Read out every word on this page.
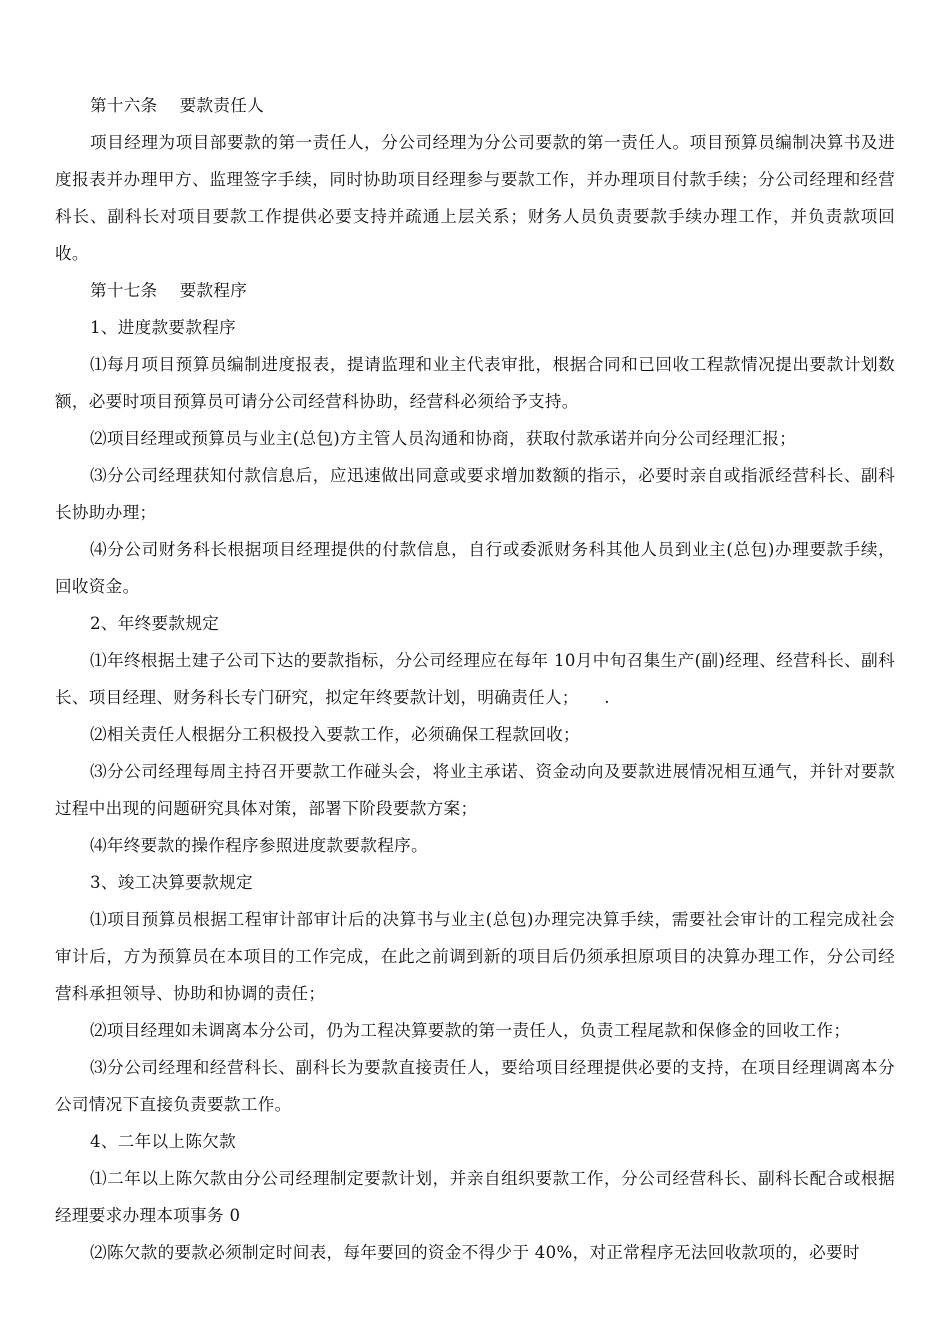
第十六条 要款责任人

项目经理为项目部要款的第一责任人，分公司经理为分公司要款的第一责任人。项目预算员编制决算书及进度报表并办理甲方、监理签字手续，同时协助项目经理参与要款工作，并办理项目付款手续；分公司经理和经营科长、副科长对项目要款工作提供必要支持并疏通上层关系；财务人员负责要款手续办理工作，并负责款项回收。

第十七条 要款程序

1、进度款要款程序

⑴每月项目预算员编制进度报表，提请监理和业主代表审批，根据合同和已回收工程款情况提出要款计划数额，必要时项目预算员可请分公司经营科协助，经营科必须给予支持。

⑵项目经理或预算员与业主(总包)方主管人员沟通和协商，获取付款承诺并向分公司经理汇报；

⑶分公司经理获知付款信息后，应迅速做出同意或要求增加数额的指示，必要时亲自或指派经营科长、副科长协助办理；

⑷分公司财务科长根据项目经理提供的付款信息，自行或委派财务科其他人员到业主(总包)办理要款手续，回收资金。

2、年终要款规定

⑴年终根据土建子公司下达的要款指标，分公司经理应在每年 10月中旬召集生产(副)经理、经营科长、副科长、项目经理、财务科长专门研究，拟定年终要款计划，明确责任人；　　.

⑵相关责任人根据分工积极投入要款工作，必须确保工程款回收；

⑶分公司经理每周主持召开要款工作碰头会，将业主承诺、资金动向及要款进展情况相互通气，并针对要款过程中出现的问题研究具体对策，部署下阶段要款方案；

⑷年终要款的操作程序参照进度款要款程序。

3、竣工决算要款规定

⑴项目预算员根据工程审计部审计后的决算书与业主(总包)办理完决算手续，需要社会审计的工程完成社会审计后，方为预算员在本项目的工作完成，在此之前调到新的项目后仍须承担原项目的决算办理工作，分公司经营科承担领导、协助和协调的责任；

⑵项目经理如未调离本分公司，仍为工程决算要款的第一责任人，负责工程尾款和保修金的回收工作；

⑶分公司经理和经营科长、副科长为要款直接责任人，要给项目经理提供必要的支持，在项目经理调离本分公司情况下直接负责要款工作。

4、二年以上陈欠款

⑴二年以上陈欠款由分公司经理制定要款计划，并亲自组织要款工作，分公司经营科长、副科长配合或根据经理要求办理本项事务 0

⑵陈欠款的要款必须制定时间表，每年要回的资金不得少于 40%，对正常程序无法回收款项的，必要时
